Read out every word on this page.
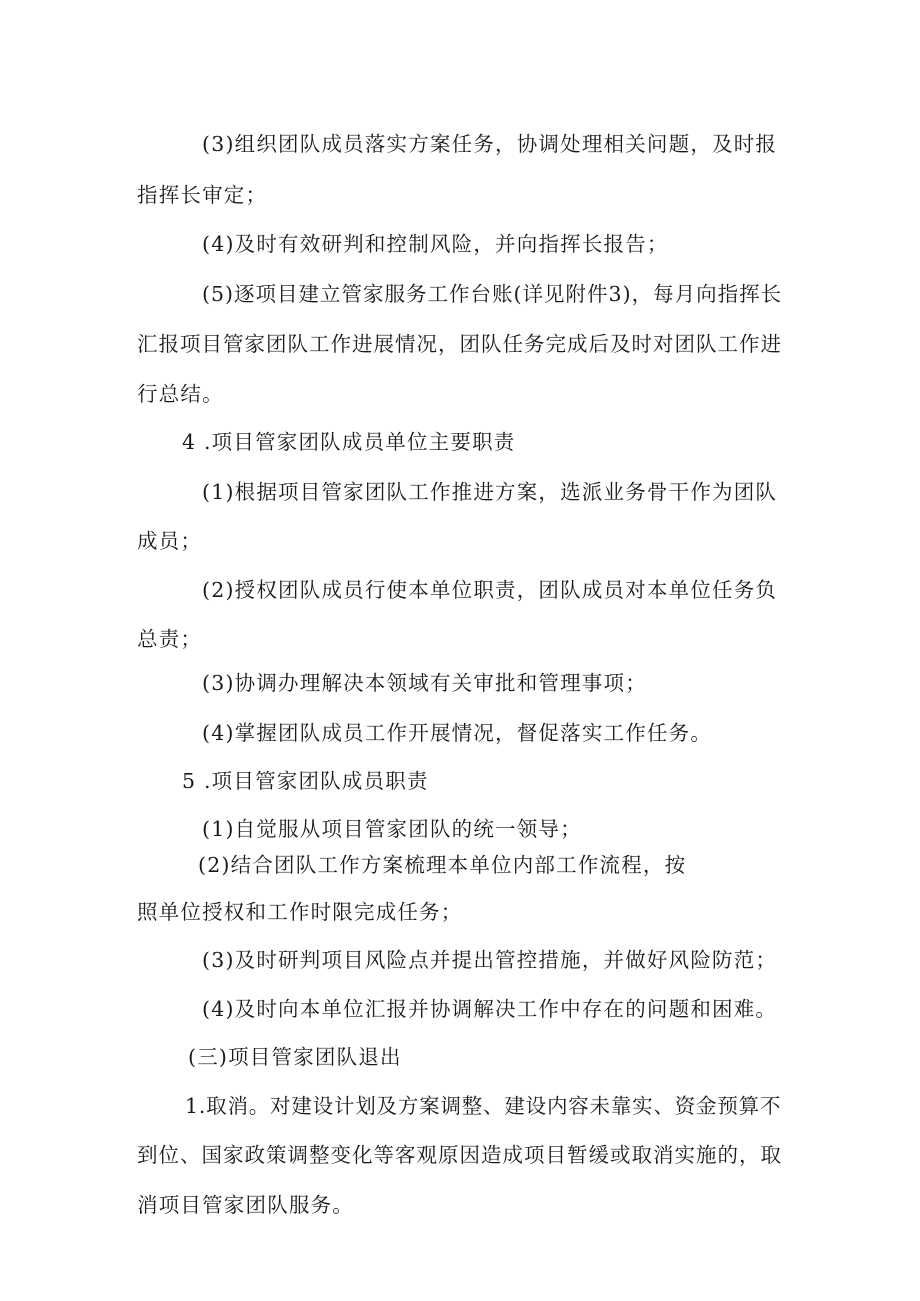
(3)组织团队成员落实方案任务，协调处理相关问题，及时报
指挥长审定；
(4)及时有效研判和控制风险，并向指挥长报告；
(5)逐项目建立管家服务工作台账(详见附件3)，每月向指挥长
汇报项目管家团队工作进展情况，团队任务完成后及时对团队工作进
行总结。
4 .项目管家团队成员单位主要职责
(1)根据项目管家团队工作推进方案，选派业务骨干作为团队
成员；
(2)授权团队成员行使本单位职责，团队成员对本单位任务负
总责；
(3)协调办理解决本领域有关审批和管理事项；
(4)掌握团队成员工作开展情况，督促落实工作任务。
5 .项目管家团队成员职责
(1)自觉服从项目管家团队的统一领导；
(2)结合团队工作方案梳理本单位内部工作流程，按
照单位授权和工作时限完成任务；
(3)及时研判项目风险点并提出管控措施，并做好风险防范；
(4)及时向本单位汇报并协调解决工作中存在的问题和困难。
(三)项目管家团队退出
1.取消。对建设计划及方案调整、建设内容未靠实、资金预算不
到位、国家政策调整变化等客观原因造成项目暂缓或取消实施的，取
消项目管家团队服务。
